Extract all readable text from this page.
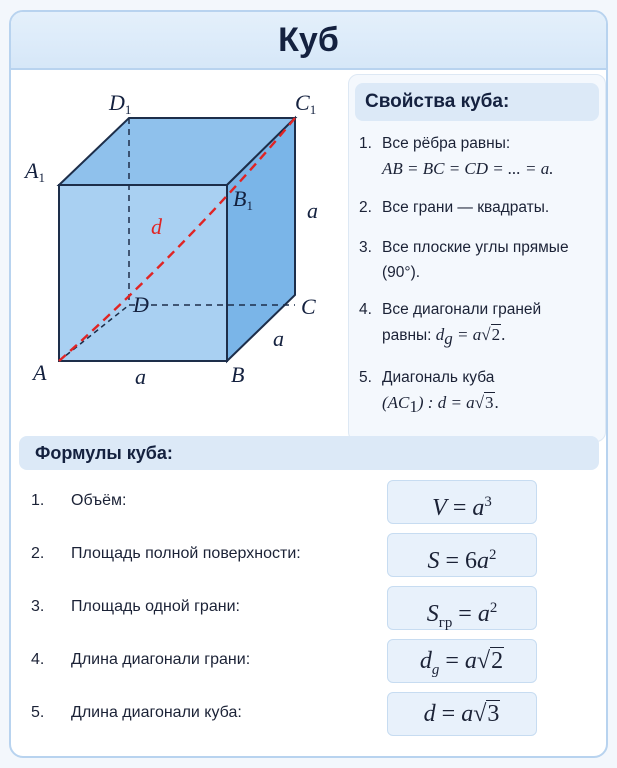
Куб
D1	C1
A1
B1
D	C
A	B
a
a
a
d
Свойства куба:
1. Все рёбра равны:
AB = BC = CD = ... = a.
2. Все грани — квадраты.
3. Все плоские углы прямые (90°).
4. Все диагонали граней равны: $d_g = a√2$.
5. Диагональ куба
$(AC_1)$ : d = a√3.
Формулы куба:
1. Объём:	$V = a^3$
2. Площадь полной поверхности:	$S = 6a^2$
3. Площадь одной грани:	$S_{гр} = a^2$
4. Длина диагонали грани:	$d_g = a√2$
5. Длина диагонали куба:	d = a√3
